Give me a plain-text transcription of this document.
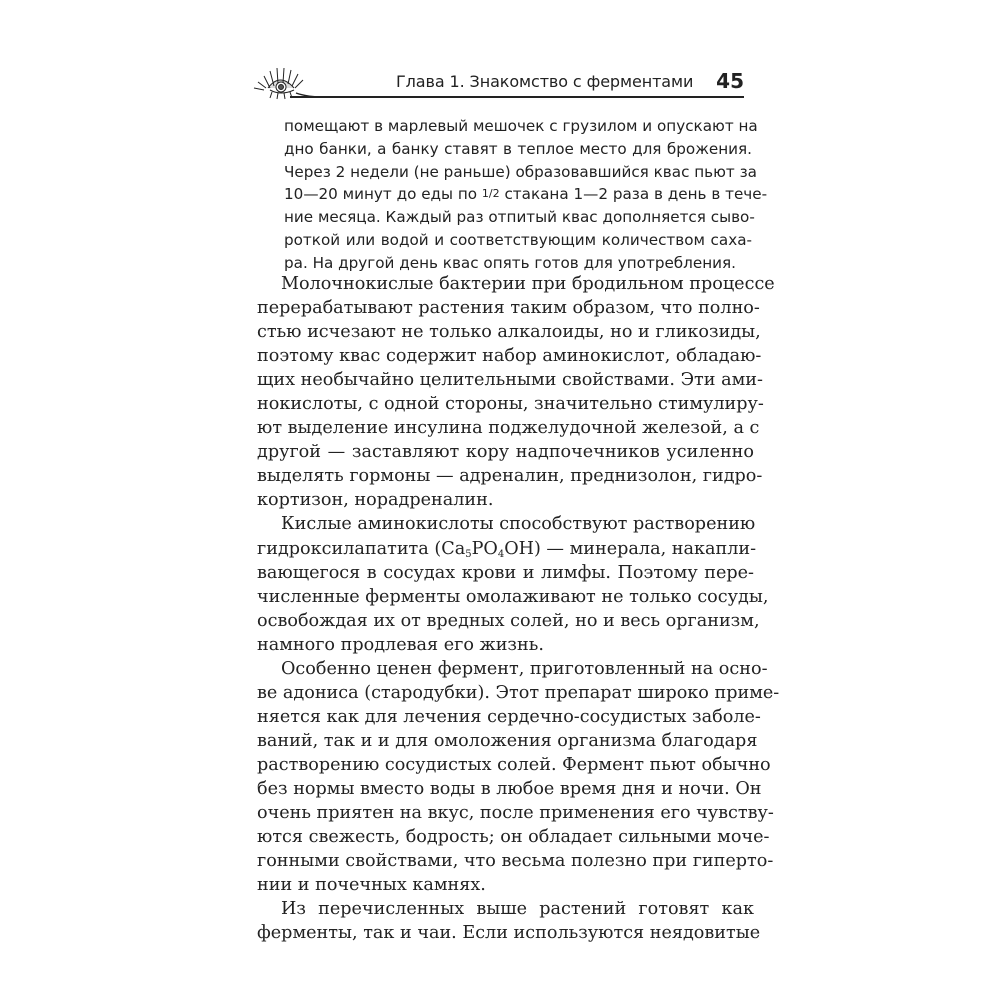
Глава 1. Знакомство с ферментами 45
помещают в марлевый мешочек с грузилом и опускают на
дно банки, а банку ставят в теплое место для брожения.
Через 2 недели (не раньше) образовавшийся квас пьют за
10—20 минут до еды по 1/2 стакана 1—2 раза в день в тече-
ние месяца. Каждый раз отпитый квас дополняется сыво-
роткой или водой и соответствующим количеством саха-
ра. На другой день квас опять готов для употребления.
Молочнокислые бактерии при бродильном процессе
перерабатывают растения таким образом, что полно-
стью исчезают не только алкалоиды, но и гликозиды,
поэтому квас содержит набор аминокислот, обладаю-
щих необычайно целительными свойствами. Эти ами-
нокислоты, с одной стороны, значительно стимулиру-
ют выделение инсулина поджелудочной железой, а с
другой — заставляют кору надпочечников усиленно
выделять гормоны — адреналин, преднизолон, гидро-
кортизон, норадреналин.
Кислые аминокислоты способствуют растворению
гидроксилапатита $(Ca_5PO_4OH)$ — минерала, накапли-
вающегося в сосудах крови и лимфы. Поэтому пере-
численные ферменты омолаживают не только сосуды,
освобождая их от вредных солей, но и весь организм,
намного продлевая его жизнь.
Особенно ценен фермент, приготовленный на осно-
ве адониса (стародубки). Этот препарат широко приме-
няется как для лечения сердечно-сосудистых заболе-
ваний, так и и для омоложения организма благодаря
растворению сосудистых солей. Фермент пьют обычно
без нормы вместо воды в любое время дня и ночи. Он
очень приятен на вкус, после применения его чувству-
ются свежесть, бодрость; он обладает сильными моче-
гонными свойствами, что весьма полезно при гиперто-
нии и почечных камнях.
Из перечисленных выше растений готовят как
ферменты, так и чаи. Если используются неядовитые
